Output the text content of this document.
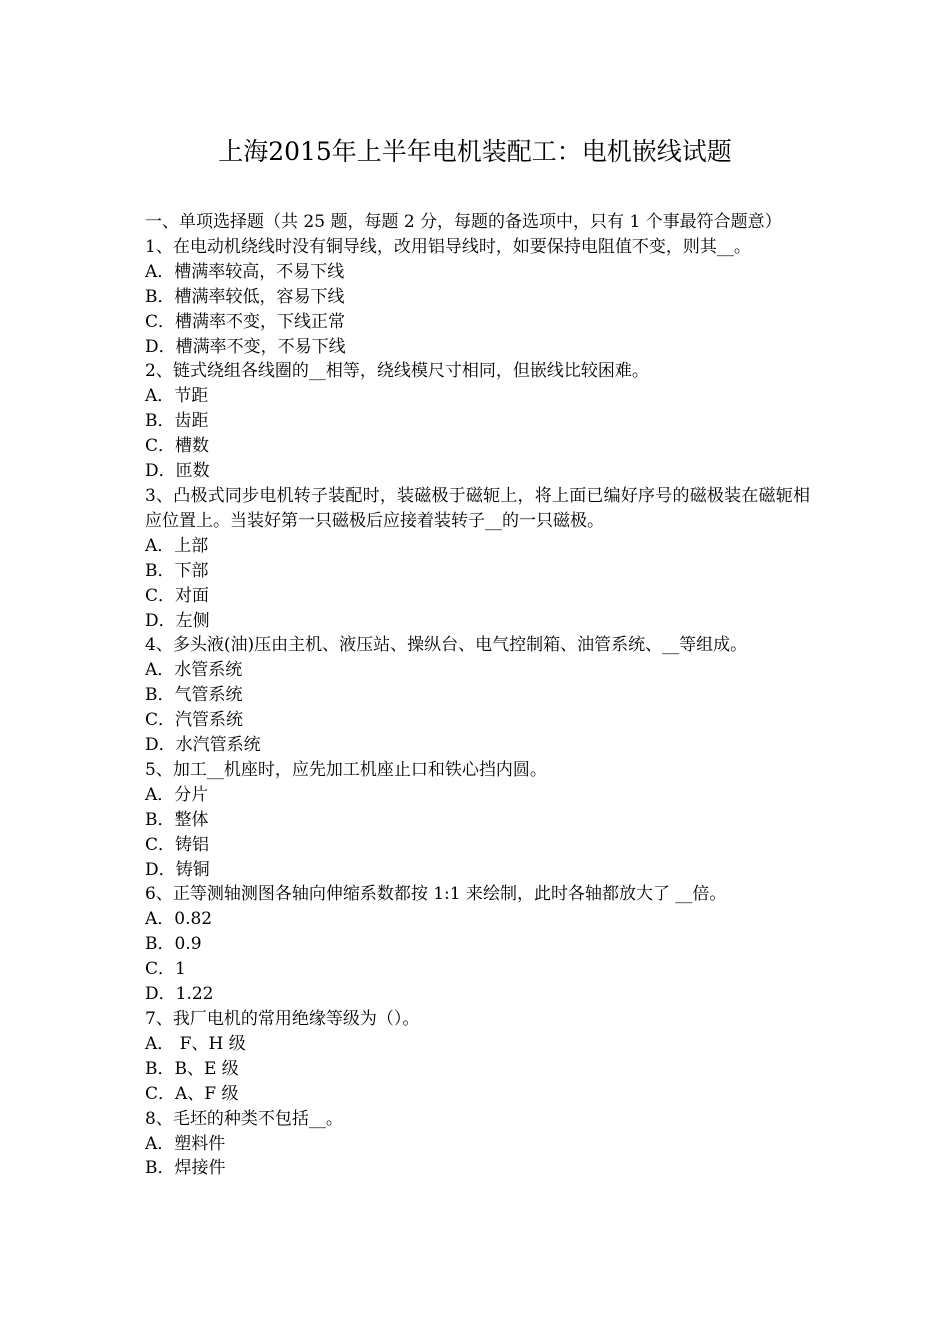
上海2015年上半年电机装配工：电机嵌线试题
一、单项选择题（共 25 题，每题 2 分，每题的备选项中，只有 1 个事最符合题意）
1、在电动机绕线时没有铜导线，改用铝导线时，如要保持电阻值不变，则其__。
A．槽满率较高，不易下线
B．槽满率较低，容易下线
C．槽满率不变，下线正常
D．槽满率不变，不易下线
2、链式绕组各线圈的__相等，绕线模尺寸相同，但嵌线比较困难。
A．节距
B．齿距
C．槽数
D．匝数
3、凸极式同步电机转子装配时，装磁极于磁轭上，将上面已编好序号的磁极装在磁轭相应位置上。当装好第一只磁极后应接着装转子__的一只磁极。
A．上部
B．下部
C．对面
D．左侧
4、多头液(油)压由主机、液压站、操纵台、电气控制箱、油管系统、__等组成。
A．水管系统
B．气管系统
C．汽管系统
D．水汽管系统
5、加工__机座时，应先加工机座止口和铁心挡内圆。
A．分片
B．整体
C．铸铝
D．铸铜
6、正等测轴测图各轴向伸缩系数都按 1:1 来绘制，此时各轴都放大了 __倍。
A．0.82
B．0.9
C．1
D．1.22
7、我厂电机的常用绝缘等级为（）。
A． F、H 级
B．B、E 级
C．A、F 级
8、毛坯的种类不包括__。
A．塑料件
B．焊接件
